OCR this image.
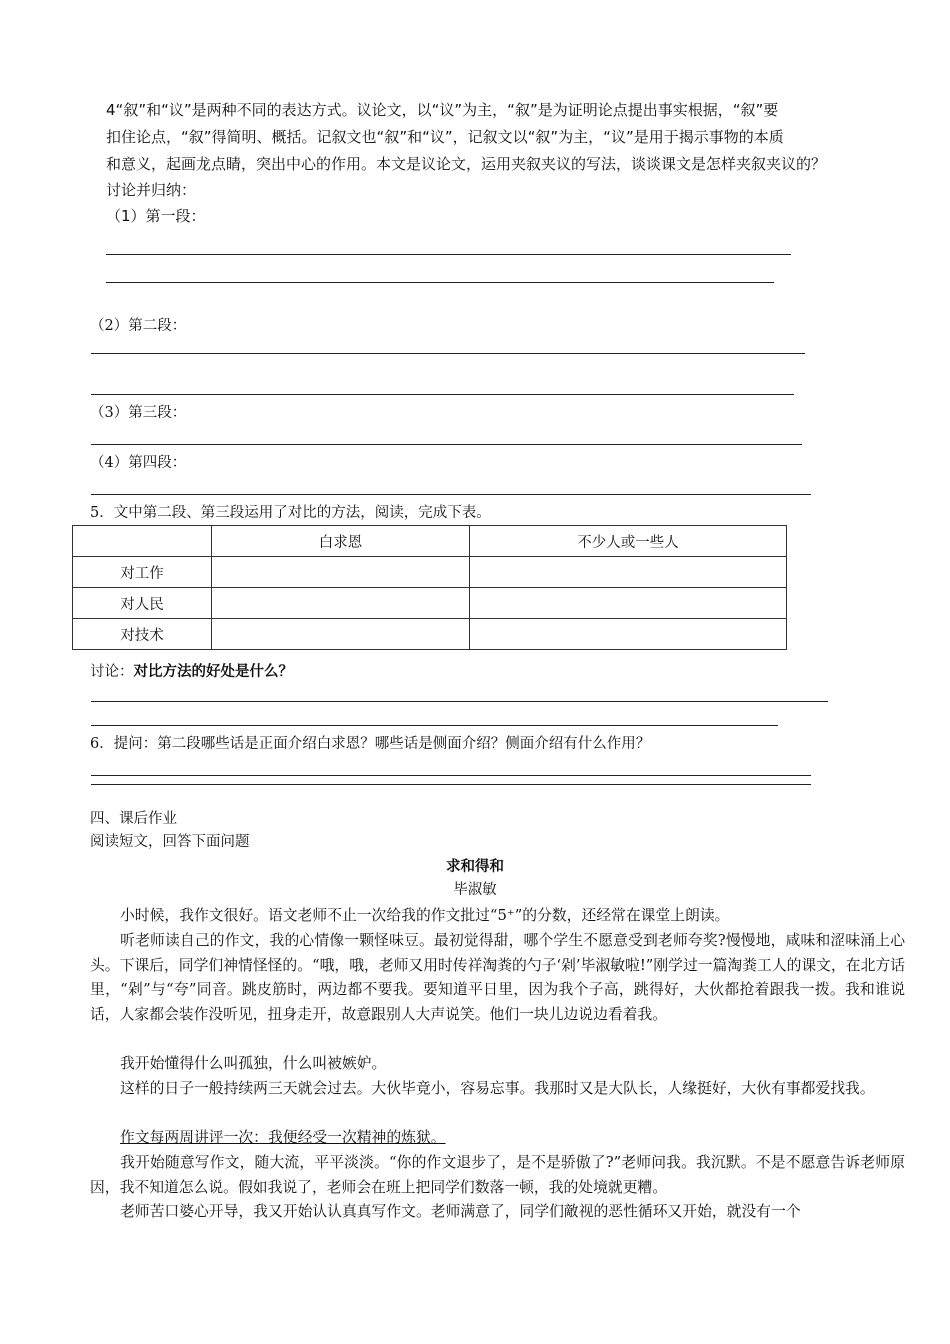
4“叙”和“议”是两种不同的表达方式。议论文，以“议”为主，“叙”是为证明论点提出事实根据，“叙”要
扣住论点，“叙”得简明、概括。记叙文也“叙”和“议”，记叙文以“叙”为主，“议”是用于揭示事物的本质
和意义，起画龙点睛，突出中心的作用。本文是议论文，运用夹叙夹议的写法，谈谈课文是怎样夹叙夹议的？
讨论并归纳：
（1）第一段：
（2）第二段：
（3）第三段：
（4）第四段：
5．文中第二段、第三段运用了对比的方法，阅读，完成下表。
	白求恩	不少人或一些人
对工作		
对人民		
对技术		
讨论：对比方法的好处是什么？
6．提问：第二段哪些话是正面介绍白求恩？哪些话是侧面介绍？侧面介绍有什么作用？
四、课后作业
阅读短文，回答下面问题
求和得和
毕淑敏
小时候，我作文很好。语文老师不止一次给我的作文批过“5⁺”的分数，还经常在课堂上朗读。
听老师读自己的作文，我的心情像一颗怪味豆。最初觉得甜，哪个学生不愿意受到老师夸奖?慢慢地，咸味和涩味涌上心头。下课后，同学们神情怪怪的。“哦，哦，老师又用时传祥淘粪的勺子‘剁’毕淑敏啦!”刚学过一篇淘粪工人的课文，在北方话里，“剁”与“夸”同音。跳皮筋时，两边都不要我。要知道平日里，因为我个子高，跳得好，大伙都抢着跟我一拨。我和谁说话，人家都会装作没听见，扭身走开，故意跟别人大声说笑。他们一块儿边说边看着我。
我开始懂得什么叫孤独，什么叫被嫉妒。
这样的日子一般持续两三天就会过去。大伙毕竟小，容易忘事。我那时又是大队长，人缘挺好，大伙有事都爱找我。
作文每两周讲评一次：我便经受一次精神的炼狱。
我开始随意写作文，随大流，平平淡淡。“你的作文退步了，是不是骄傲了?”老师问我。我沉默。不是不愿意告诉老师原因，我不知道怎么说。假如我说了，老师会在班上把同学们数落一顿，我的处境就更糟。
老师苦口婆心开导，我又开始认认真真写作文。老师满意了，同学们敵视的恶性循环又开始，就没有一个
